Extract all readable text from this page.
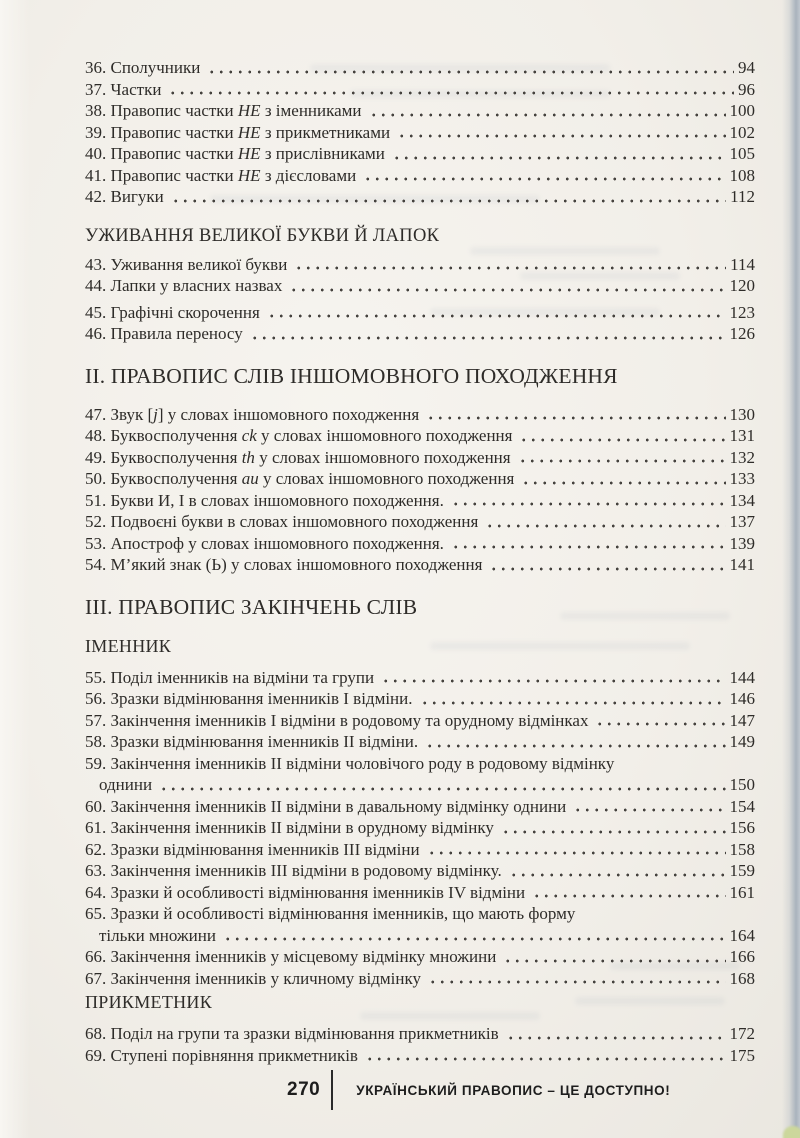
36. Сполучники	94
37. Частки	96
38. Правопис частки НЕ з іменниками	100
39. Правопис частки НЕ з прикметниками	102
40. Правопис частки НЕ з прислівниками	105
41. Правопис частки НЕ з дієсловами	108
42. Вигуки	112
УЖИВАННЯ ВЕЛИКОЇ БУКВИ Й ЛАПОК
43. Уживання великої букви	114
44. Лапки у власних назвах	120
45. Графічні скорочення	123
46. Правила переносу	126
II. ПРАВОПИС СЛІВ ІНШОМОВНОГО ПОХОДЖЕННЯ
47. Звук [j] у словах іншомовного походження	130
48. Буквосполучення ck у словах іншомовного походження	131
49. Буквосполучення th у словах іншомовного походження	132
50. Буквосполучення au у словах іншомовного походження	133
51. Букви И, І в словах іншомовного походження.	134
52. Подвоєні букви в словах іншомовного походження	137
53. Апостроф у словах іншомовного походження.	139
54. М’який знак (Ь) у словах іншомовного походження	141
III. ПРАВОПИС ЗАКІНЧЕНЬ СЛІВ
ІМЕННИК
55. Поділ іменників на відміни та групи	144
56. Зразки відмінювання іменників І відміни.	146
57. Закінчення іменників І відміни в родовому та орудному відмінках	147
58. Зразки відмінювання іменників ІІ відміни.	149
59. Закінчення іменників ІІ відміни чоловічого роду в родовому відмінку
однини	150
60. Закінчення іменників ІІ відміни в давальному відмінку однини	154
61. Закінчення іменників ІІ відміни в орудному відмінку	156
62. Зразки відмінювання іменників ІІІ відміни	158
63. Закінчення іменників ІІІ відміни в родовому відмінку.	159
64. Зразки й особливості відмінювання іменників ІV відміни	161
65. Зразки й особливості відмінювання іменників, що мають форму
тільки множини	164
66. Закінчення іменників у місцевому відмінку множини	166
67. Закінчення іменників у кличному відмінку	168
ПРИКМЕТНИК
68. Поділ на групи та зразки відмінювання прикметників	172
69. Ступені порівняння прикметників	175
270	УКРАЇНСЬКИЙ ПРАВОПИС – ЦЕ ДОСТУПНО!
